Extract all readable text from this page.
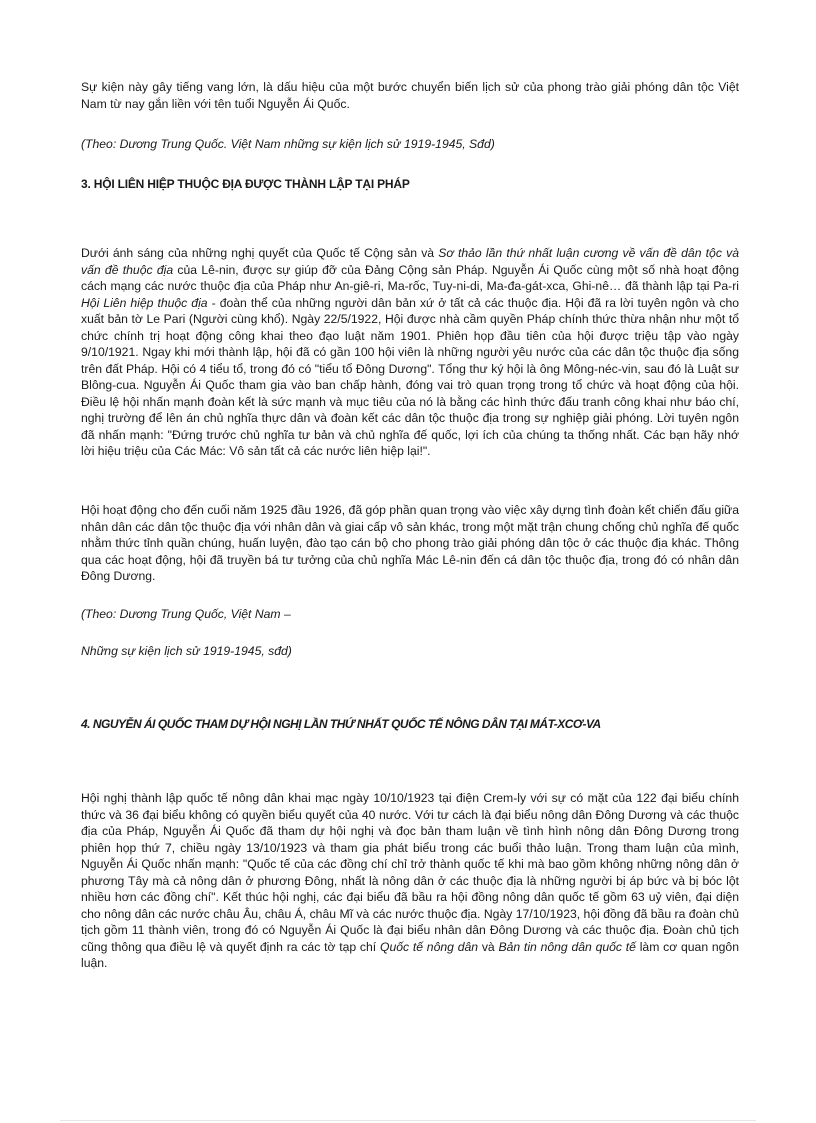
Sự kiện này gây tiếng vang lớn, là dấu hiệu của một bước chuyển biến lịch sử của phong trào giải phóng dân tộc Việt Nam từ nay gắn liền với tên tuổi Nguyễn Ái Quốc.

(Theo: Dương Trung Quốc. Việt Nam những sự kiện lịch sử 1919-1945, Sđd)

3. HỘI LIÊN HIỆP THUỘC ĐỊA ĐƯỢC THÀNH LẬP TẠI PHÁP

Dưới ánh sáng của những nghị quyết của Quốc tế Cộng sản và Sơ thảo lần thứ nhất luận cương về vấn đề dân tộc và vấn đề thuộc địa của Lê-nin, được sự giúp đỡ của Đảng Cộng sản Pháp. Nguyễn Ái Quốc cùng một số nhà hoạt động cách mạng các nước thuộc địa của Pháp như An-giê-ri, Ma-rốc, Tuy-ni-di, Ma-đa-gát-xca, Ghi-nê… đã thành lập tại Pa-ri Hội Liên hiệp thuộc địa - đoàn thể của những người dân bản xứ ở tất cả các thuộc địa. Hội đã ra lời tuyên ngôn và cho xuất bản tờ Le Pari (Người cùng khổ). Ngày 22/5/1922, Hội được nhà cầm quyền Pháp chính thức thừa nhận như một tổ chức chính trị hoạt động công khai theo đạo luật năm 1901. Phiên họp đầu tiên của hội được triệu tập vào ngày 9/10/1921. Ngay khi mới thành lập, hội đã có gần 100 hội viên là những người yêu nước của các dân tộc thuộc địa sống trên đất Pháp. Hội có 4 tiểu tổ, trong đó có "tiểu tổ Đông Dương". Tổng thư ký hội là ông Mông-néc-vin, sau đó là Luật sư Blông-cua. Nguyễn Ái Quốc tham gia vào ban chấp hành, đóng vai trò quan trọng trong tổ chức và hoạt động của hội. Điều lệ hội nhấn mạnh đoàn kết là sức mạnh và mục tiêu của nó là bằng các hình thức đấu tranh công khai như báo chí, nghị trường để lên án chủ nghĩa thực dân và đoàn kết các dân tộc thuộc địa trong sự nghiệp giải phóng. Lời tuyên ngôn đã nhấn mạnh: "Đứng trước chủ nghĩa tư bản và chủ nghĩa đế quốc, lợi ích của chúng ta thống nhất. Các bạn hãy nhớ lời hiệu triệu của Các Mác: Vô sản tất cả các nước liên hiệp lại!".

Hội hoạt động cho đến cuối năm 1925 đầu 1926, đã góp phần quan trọng vào việc xây dựng tình đoàn kết chiến đấu giữa nhân dân các dân tộc thuộc địa với nhân dân và giai cấp vô sản khác, trong một mặt trận chung chống chủ nghĩa đế quốc nhằm thức tỉnh quần chúng, huấn luyện, đào tạo cán bộ cho phong trào giải phóng dân tộc ở các thuộc địa khác. Thông qua các hoạt động, hội đã truyền bá tư tưởng của chủ nghĩa Mác Lê-nin đến cá dân tộc thuộc địa, trong đó có nhân dân Đông Dương.

(Theo: Dương Trung Quốc, Việt Nam –

Những sự kiện lịch sử 1919-1945, sđd)

4. NGUYỄN ÁI QUỐC THAM DỰ HỘI NGHỊ LẦN THỨ NHẤT QUỐC TẾ NÔNG DÂN TẠI MÁT-XCƠ-VA

Hội nghị thành lập quốc tế nông dân khai mạc ngày 10/10/1923 tại điện Crem-ly với sự có mặt của 122 đại biểu chính thức và 36 đại biểu không có quyền biểu quyết của 40 nước. Với tư cách là đại biểu nông dân Đông Dương và các thuộc địa của Pháp, Nguyễn Ái Quốc đã tham dự hội nghị và đọc bản tham luận về tình hình nông dân Đông Dương trong phiên họp thứ 7, chiều ngày 13/10/1923 và tham gia phát biểu trong các buổi thảo luận. Trong tham luận của mình, Nguyễn Ái Quốc nhấn mạnh: "Quốc tế của các đồng chí chỉ trở thành quốc tế khi mà bao gồm không những nông dân ở phương Tây mà cả nông dân ở phương Đông, nhất là nông dân ở các thuộc địa là những người bị áp bức và bị bóc lột nhiều hơn các đồng chí". Kết thúc hội nghị, các đại biểu đã bầu ra hội đồng nông dân quốc tế gồm 63 uỷ viên, đại diện cho nông dân các nước châu Âu, châu Á, châu Mĩ và các nước thuộc địa. Ngày 17/10/1923, hội đồng đã bầu ra đoàn chủ tịch gồm 11 thành viên, trong đó có Nguyễn Ái Quốc là đại biểu nhân dân Đông Dương và các thuộc địa. Đoàn chủ tịch cũng thông qua điều lệ và quyết định ra các tờ tạp chí Quốc tế nông dân và Bản tin nông dân quốc tế làm cơ quan ngôn luận.
